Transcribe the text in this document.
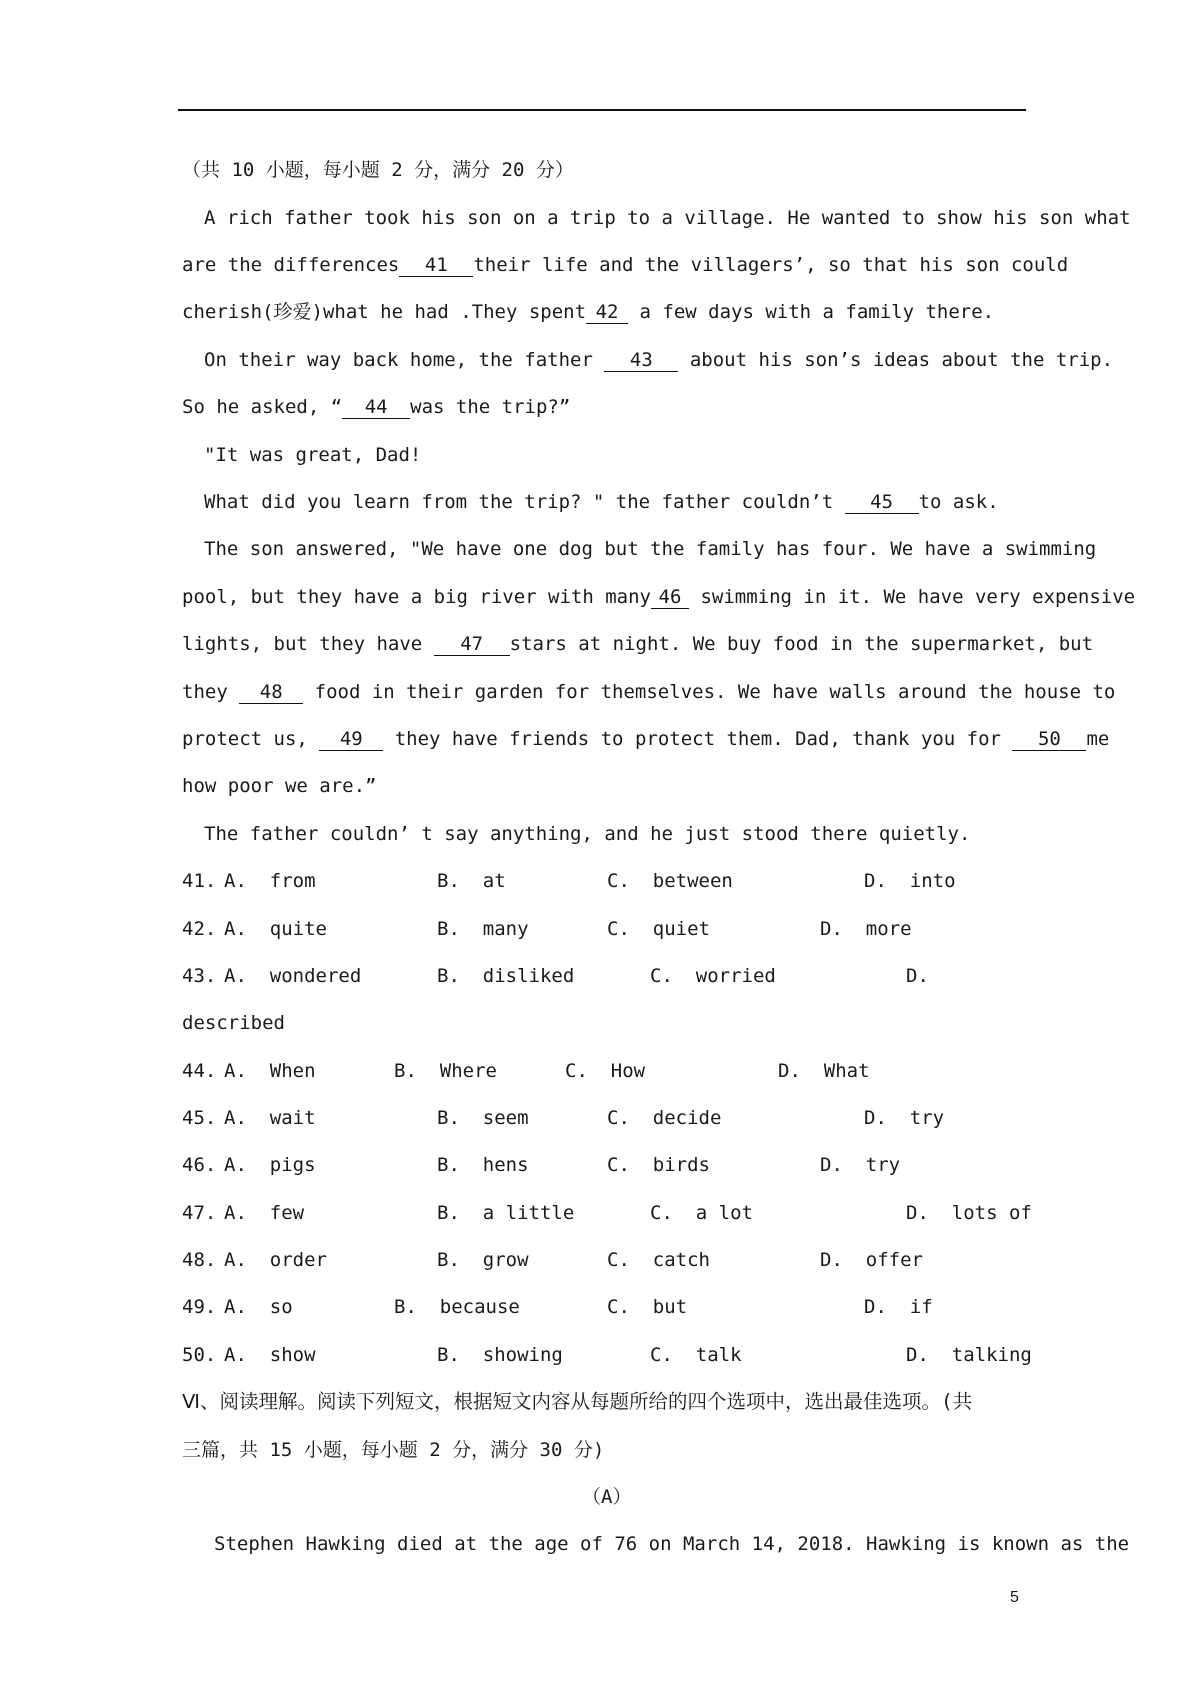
（共 10 小题，每小题 2 分，满分 20 分）
A rich father took his son on a trip to a village. He wanted to show his son what
are the differences 41 their life and the villagers’, so that his son could
cherish(珍爱)what he had .They spent 42 a few days with a family there.
On their way back home, the father 43 about his son’s ideas about the trip.
So he asked, “ 44 was the trip?”
"It was great, Dad!
What did you learn from the trip? " the father couldn’t 45 to ask.
The son answered, "We have one dog but the family has four. We have a swimming
pool, but they have a big river with many 46 swimming in it. We have very expensive
lights, but they have 47 stars at night. We buy food in the supermarket, but
they 48 food in their garden for themselves. We have walls around the house to
protect us, 49 they have friends to protect them. Dad, thank you for 50 me
how poor we are.”
The father couldn’ t say anything, and he just stood there quietly.
41. A.  from	B.  at	C.  between	D.  into
42. A.  quite	B.  many	C.  quiet	D.  more
43. A.  wondered	B.  disliked	C.  worried	D.
described
44. A.  When	B.  Where	C.  How	D.  What
45. A.  wait	B.  seem	C.  decide	D.  try
46. A.  pigs	B.  hens	C.  birds	D.  try
47. A.  few	B.  a little	C.  a lot	D.  lots of
48. A.  order	B.  grow	C.  catch	D.  offer
49. A.  so	B.  because	C.  but	D.  if
50. A.  show	B.  showing	C.  talk	D.  talking
Ⅵ、阅读理解。阅读下列短文，根据短文内容从每题所给的四个选项中，选出最佳选项。(共
三篇，共 15 小题，每小题 2 分，满分 30 分)
（A）
Stephen Hawking died at the age of 76 on March 14, 2018. Hawking is known as the
5
